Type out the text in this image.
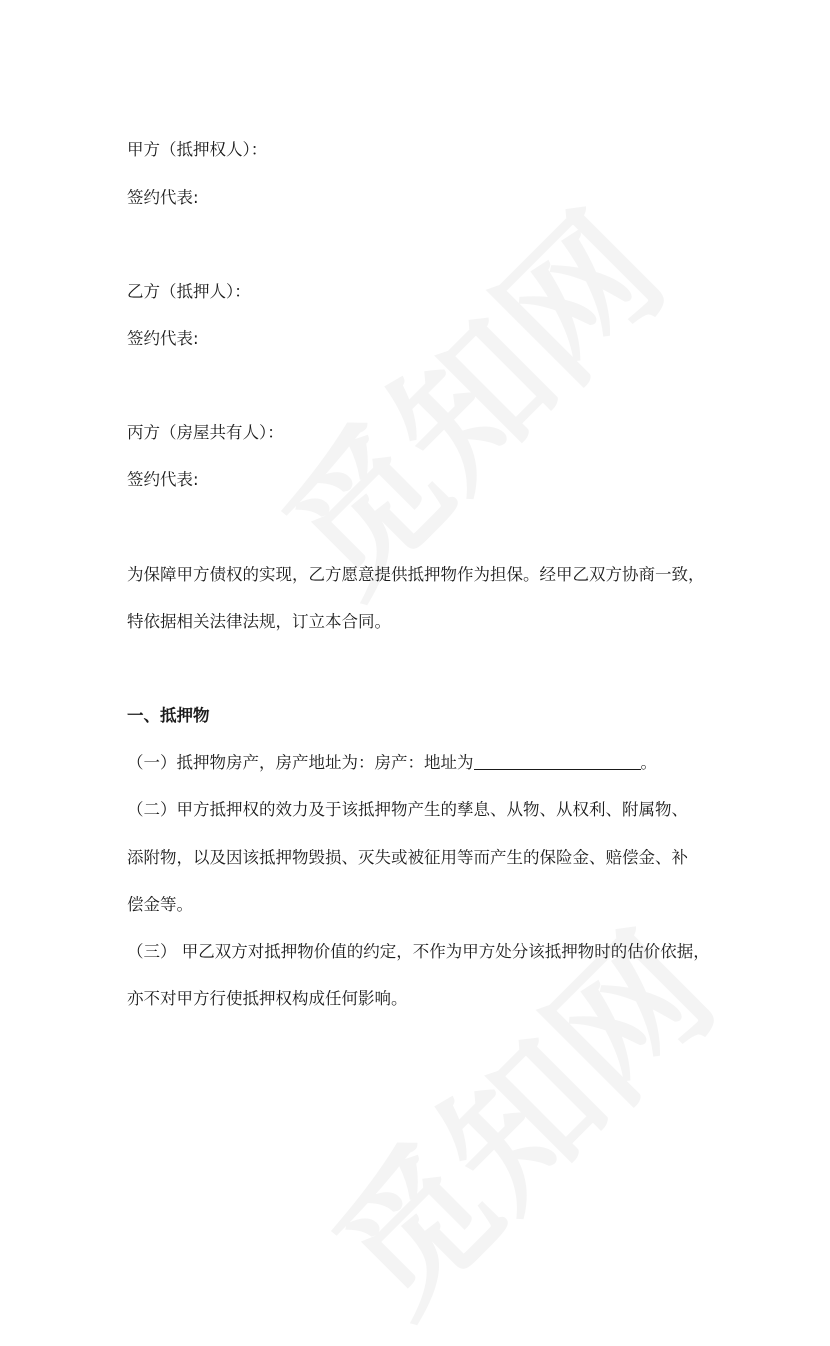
甲方（抵押权人）：

签约代表:

乙方（抵押人）：

签约代表:

丙方（房屋共有人）：

签约代表:

为保障甲方债权的实现，乙方愿意提供抵押物作为担保。经甲乙双方协商一致，

特依据相关法律法规，订立本合同。

一、抵押物

（一）抵押物房产，房产地址为：房产：地址为	。

（二）甲方抵押权的效力及于该抵押物产生的孳息、从物、从权利、附属物、

添附物，以及因该抵押物毁损、灭失或被征用等而产生的保险金、赔偿金、补

偿金等。

（三） 甲乙双方对抵押物价值的约定，不作为甲方处分该抵押物时的估价依据，

亦不对甲方行使抵押权构成任何影响。
